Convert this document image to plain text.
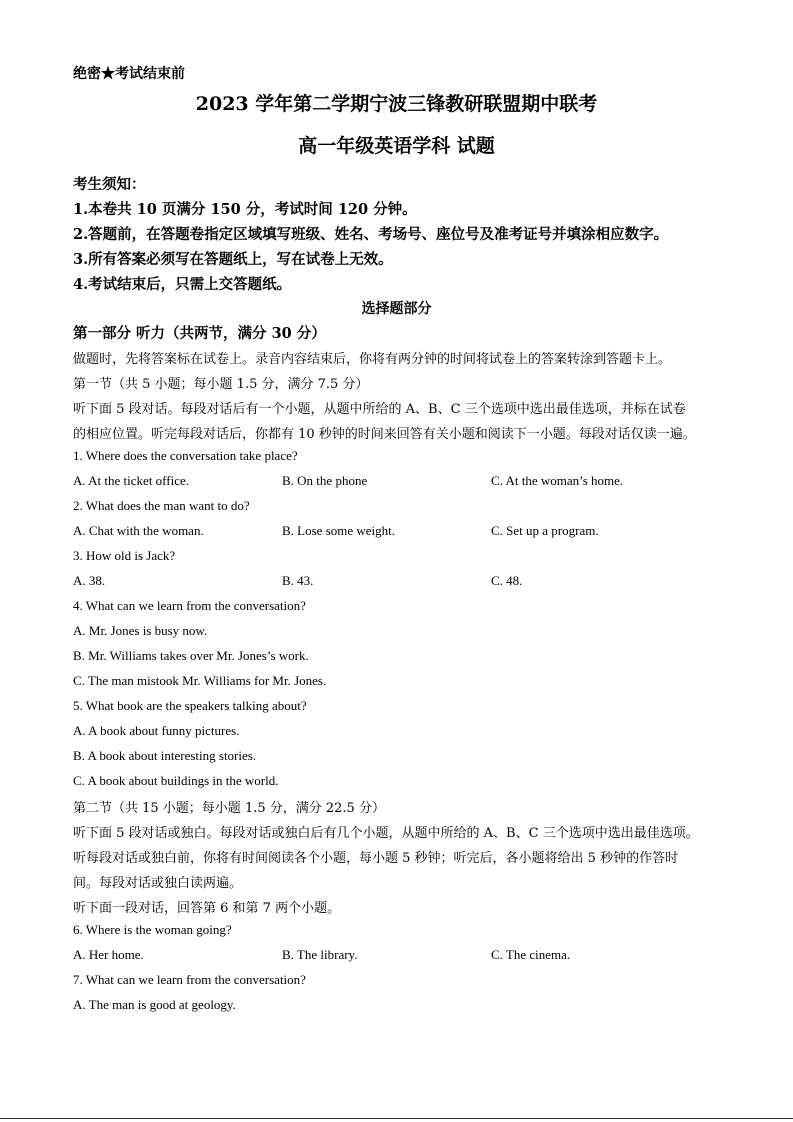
绝密★考试结束前
2023 学年第二学期宁波三锋教研联盟期中联考
高一年级英语学科 试题
考生须知：
1.本卷共 10 页满分 150 分，考试时间 120 分钟。
2.答题前，在答题卷指定区域填写班级、姓名、考场号、座位号及准考证号并填涂相应数字。
3.所有答案必须写在答题纸上，写在试卷上无效。
4.考试结束后，只需上交答题纸。
选择题部分
第一部分 听力（共两节，满分 30 分）
做题时，先将答案标在试卷上。录音内容结束后，你将有两分钟的时间将试卷上的答案转涂到答题卡上。
第一节（共 5 小题；每小题 1.5 分，满分 7.5 分）
听下面 5 段对话。每段对话后有一个小题，从题中所给的 A、B、C 三个选项中选出最佳选项，并标在试卷
的相应位置。听完每段对话后，你都有 10 秒钟的时间来回答有关小题和阅读下一小题。每段对话仅读一遍。
1. Where does the conversation take place?
A. At the ticket office.	B. On the phone	C. At the woman’s home.
2. What does the man want to do?
A. Chat with the woman.	B. Lose some weight.	C. Set up a program.
3. How old is Jack?
A. 38.	B. 43.	C. 48.
4. What can we learn from the conversation?
A. Mr. Jones is busy now.
B. Mr. Williams takes over Mr. Jones’s work.
C. The man mistook Mr. Williams for Mr. Jones.
5. What book are the speakers talking about?
A. A book about funny pictures.
B. A book about interesting stories.
C. A book about buildings in the world.
第二节（共 15 小题；每小题 1.5 分，满分 22.5 分）
听下面 5 段对话或独白。每段对话或独白后有几个小题，从题中所给的 A、B、C 三个选项中选出最佳选项。
听每段对话或独白前，你将有时间阅读各个小题，每小题 5 秒钟；听完后，各小题将给出 5 秒钟的作答时
间。每段对话或独白读两遍。
听下面一段对话，回答第 6 和第 7 两个小题。
6. Where is the woman going?
A. Her home.	B. The library.	C. The cinema.
7. What can we learn from the conversation?
A. The man is good at geology.
